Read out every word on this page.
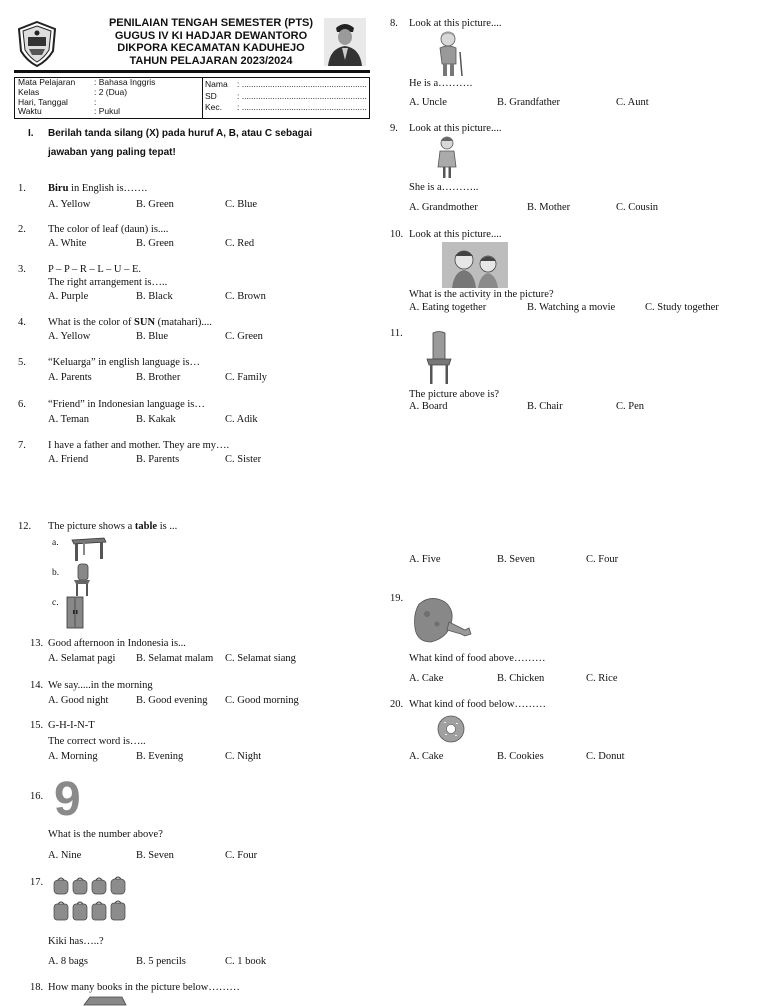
PENILAIAN TENGAH SEMESTER (PTS)
GUGUS IV KI HADJAR DEWANTORO
DIKPORA KECAMATAN KADUHEJO
TAHUN PELAJARAN 2023/2024
Mata Pelajaran : Bahasa Inggris
Kelas	: 2 (Dua)
Hari, Tanggal	:
Waktu	: Pukul
Nama : .....................................................
SD : .....................................................
Kec. : .....................................................
I. Berilah tanda silang (X) pada huruf A, B, atau C sebagai
jawaban yang paling tepat!
1. Biru in English is…….
A. Yellow	B. Green	C. Blue
2. The color of leaf (daun) is....
A. White	B. Green	C. Red
3. P – P – R – L – U – E.
The right arrangement is…..
A. Purple	B. Black	C. Brown
4. What is the color of SUN (matahari)....
A. Yellow	B. Blue	C. Green
5. “Keluarga” in english language is…
A. Parents	B. Brother	C. Family
6. “Friend” in Indonesian language is…
A. Teman	B. Kakak	C. Adik
7. I have a father and mother. They are my….
A. Friend	B. Parents	C. Sister
12. The picture shows a table is ...
a.
b.
c.
13. Good afternoon in Indonesia is...
A. Selamat pagi B. Selamat malam C. Selamat siang
14. We say.....in the morning
A. Good night	B. Good evening C. Good morning
15. G-H-I-N-T
The correct word is…..
A. Morning	B. Evening	C. Night
16. 9
What is the number above?
A. Nine	B. Seven	C. Four
17.
Kiki has…..?
A. 8 bags	B. 5 pencils	C. 1 book
18. How many books in the picture below………
8. Look at this picture....
He is a……….
A. Uncle	B. Grandfather	C. Aunt
9. Look at this picture....
She is a………..
A. Grandmother	B. Mother	C. Cousin
10. Look at this picture....
What is the activity in the picture?
A. Eating together	B. Watching a movie	C. Study together
11.
The picture above is?
A. Board	B. Chair	C. Pen
A. Five	B. Seven	C. Four
19.
What kind of food above………
A. Cake	B. Chicken	C. Rice
20. What kind of food below………
A. Cake	B. Cookies	C. Donut
